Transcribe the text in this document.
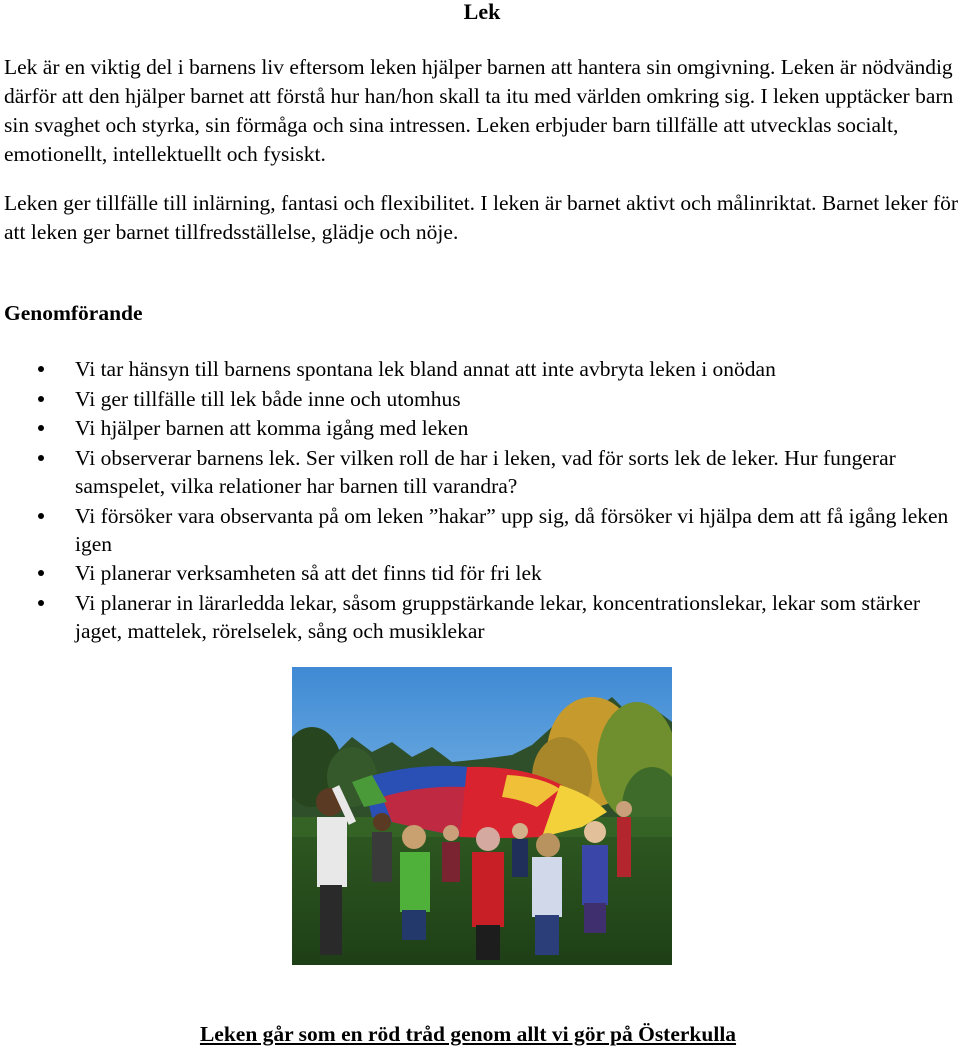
Lek

Lek är en viktig del i barnens liv eftersom leken hjälper barnen att hantera sin omgivning. Leken är nödvändig därför att den hjälper barnet att förstå hur han/hon skall ta itu med världen omkring sig. I leken upptäcker barn sin svaghet och styrka, sin förmåga och sina intressen. Leken erbjuder barn tillfälle att utvecklas socialt, emotionellt, intellektuellt och fysiskt.

Leken ger tillfälle till inlärning, fantasi och flexibilitet. I leken är barnet aktivt och målinriktat. Barnet leker för att leken ger barnet tillfredsställelse, glädje och nöje.

Genomförande
Vi tar hänsyn till barnens spontana lek bland annat att inte avbryta leken i onödan
Vi ger tillfälle till lek både inne och utomhus
Vi hjälper barnen att komma igång med leken
Vi observerar barnens lek. Ser vilken roll de har i leken, vad för sorts lek de leker. Hur fungerar samspelet, vilka relationer har barnen till varandra?
Vi försöker vara observanta på om leken ”hakar” upp sig, då försöker vi hjälpa dem att få igång leken igen
Vi planerar verksamheten så att det finns tid för fri lek
Vi planerar in lärarledda lekar, såsom gruppstärkande lekar, koncentrationslekar, lekar som stärker jaget, mattelek, rörelselek, sång och musiklekar

Leken går som en röd tråd genom allt vi gör på Österkulla
